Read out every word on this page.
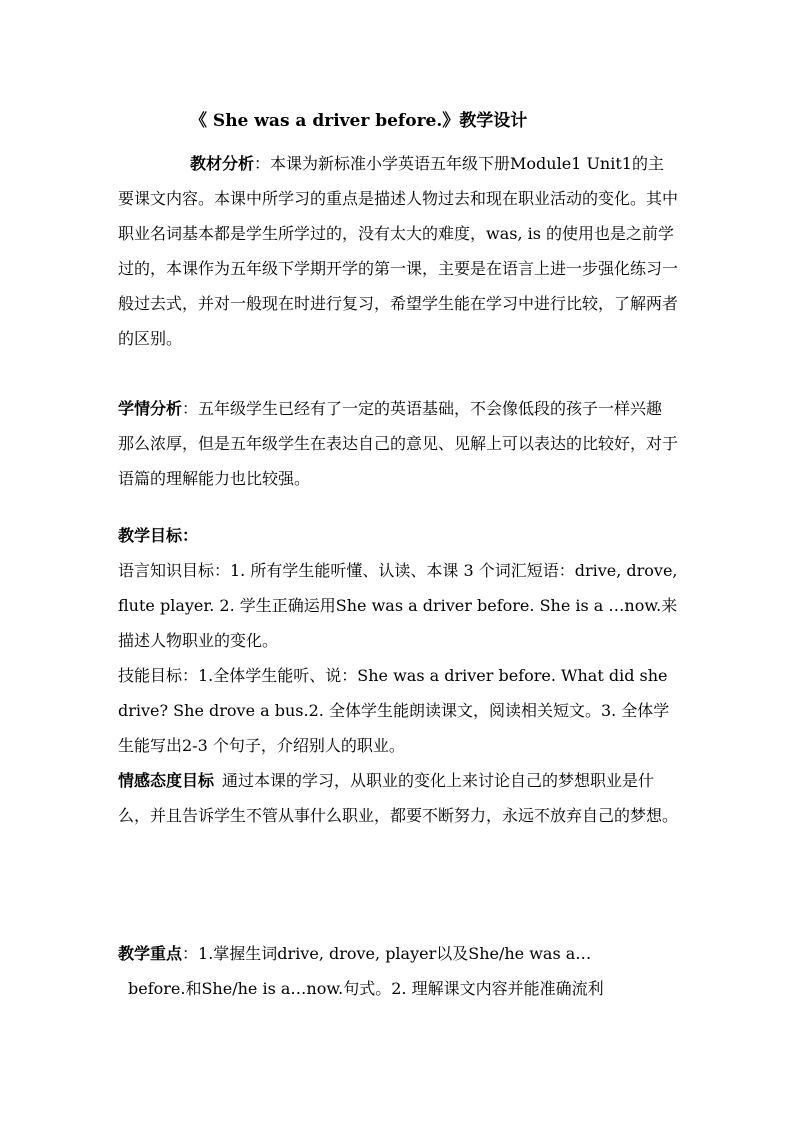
《 She was a driver before.》教学设计

教材分析：本课为新标准小学英语五年级下册Module1 Unit1的主要课文内容。本课中所学习的重点是描述人物过去和现在职业活动的变化。其中职业名词基本都是学生所学过的，没有太大的难度，was, is 的使用也是之前学过的，本课作为五年级下学期开学的第一课，主要是在语言上进一步强化练习一般过去式，并对一般现在时进行复习，希望学生能在学习中进行比较，了解两者的区别。

学情分析：五年级学生已经有了一定的英语基础，不会像低段的孩子一样兴趣那么浓厚，但是五年级学生在表达自己的意见、见解上可以表达的比较好，对于语篇的理解能力也比较强。

教学目标：

语言知识目标：1. 所有学生能听懂、认读、本课 3 个词汇短语：drive, drove, flute player. 2. 学生正确运用She was a driver before. She is a …now.来描述人物职业的变化。

技能目标：1.全体学生能听、说：She was a driver before. What did she drive? She drove a bus.2. 全体学生能朗读课文，阅读相关短文。3. 全体学生能写出2-3 个句子，介绍别人的职业。

情感态度目标 通过本课的学习，从职业的变化上来讨论自己的梦想职业是什么，并且告诉学生不管从事什么职业，都要不断努力，永远不放弃自己的梦想。

教学重点：1.掌握生词drive, drove, player以及She/he was a…

before.和She/he is a…now.句式。2. 理解课文内容并能准确流利
